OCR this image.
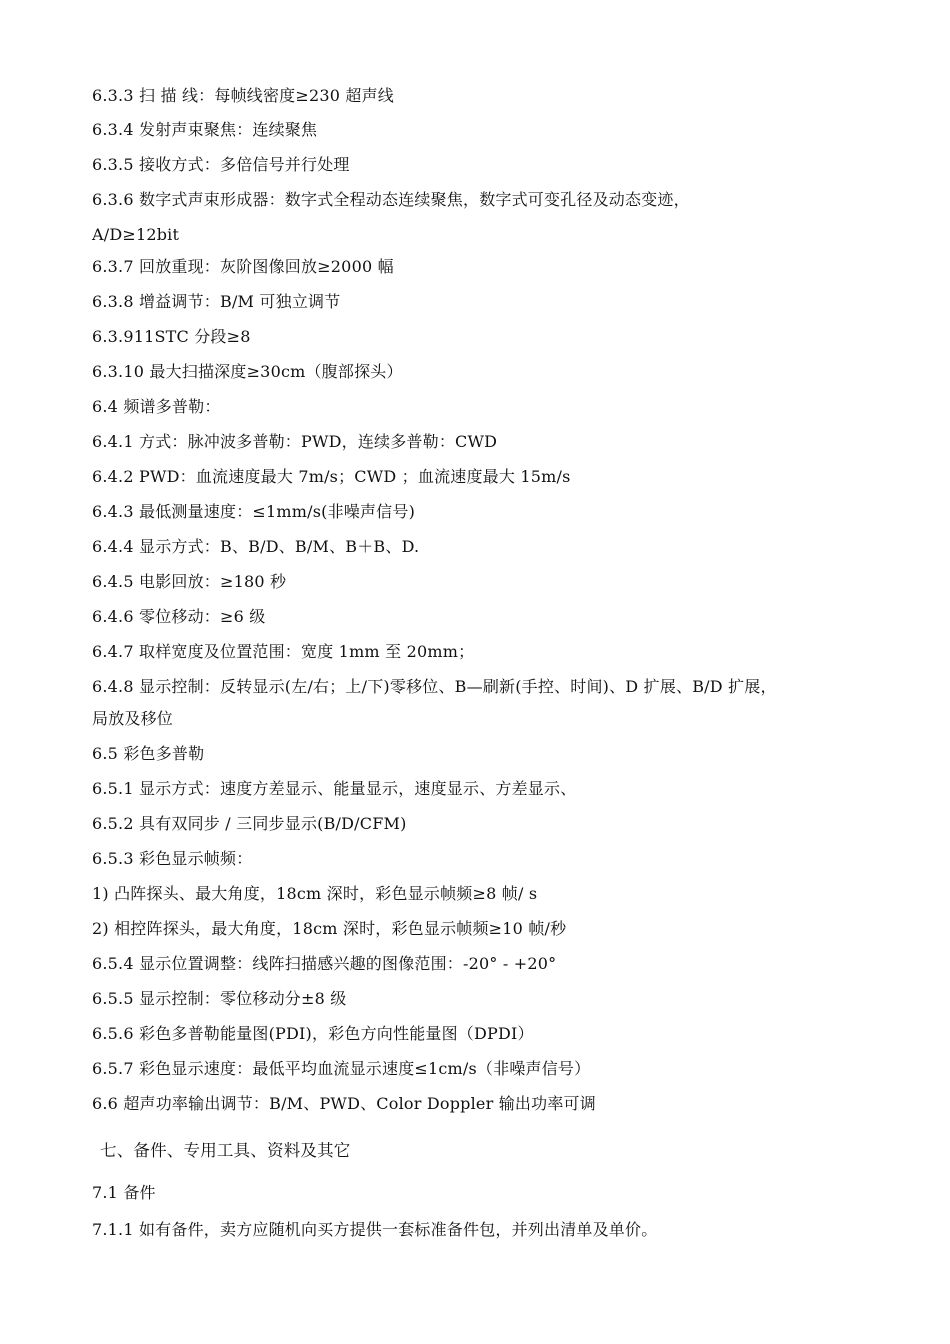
6.3.3 扫 描 线：每帧线密度≥230 超声线
6.3.4 发射声束聚焦：连续聚焦
6.3.5 接收方式：多倍信号并行处理
6.3.6 数字式声束形成器：数字式全程动态连续聚焦，数字式可变孔径及动态变迹，
A/D≥12bit
6.3.7 回放重现：灰阶图像回放≥2000 幅
6.3.8 增益调节：B/M 可独立调节
6.3.911STC 分段≥8
6.3.10 最大扫描深度≥30cm（腹部探头）
6.4 频谱多普勒：
6.4.1 方式：脉冲波多普勒：PWD，连续多普勒：CWD
6.4.2 PWD：血流速度最大 7m/s；CWD ；血流速度最大 15m/s
6.4.3 最低测量速度：≤1mm/s(非噪声信号)
6.4.4 显示方式：B、B/D、B/M、B＋B、D.
6.4.5 电影回放：≥180 秒
6.4.6 零位移动：≥6 级
6.4.7 取样宽度及位置范围：宽度 1mm 至 20mm；
6.4.8 显示控制：反转显示(左/右；上/下)零移位、B—刷新(手控、时间)、D 扩展、B/D 扩展，
局放及移位
6.5 彩色多普勒
6.5.1 显示方式：速度方差显示、能量显示，速度显示、方差显示、
6.5.2 具有双同步 / 三同步显示(B/D/CFM)
6.5.3 彩色显示帧频：
1) 凸阵探头、最大角度，18cm 深时，彩色显示帧频≥8 帧/ s
2) 相控阵探头，最大角度，18cm 深时，彩色显示帧频≥10 帧/秒
6.5.4 显示位置调整：线阵扫描感兴趣的图像范围：-20° - +20°
6.5.5 显示控制：零位移动分±8 级
6.5.6 彩色多普勒能量图(PDI)，彩色方向性能量图（DPDI）
6.5.7 彩色显示速度：最低平均血流显示速度≤1cm/s（非噪声信号）
6.6 超声功率输出调节：B/M、PWD、Color Doppler 输出功率可调
七、备件、专用工具、资料及其它
7.1 备件
7.1.1 如有备件，卖方应随机向买方提供一套标准备件包，并列出清单及单价。
